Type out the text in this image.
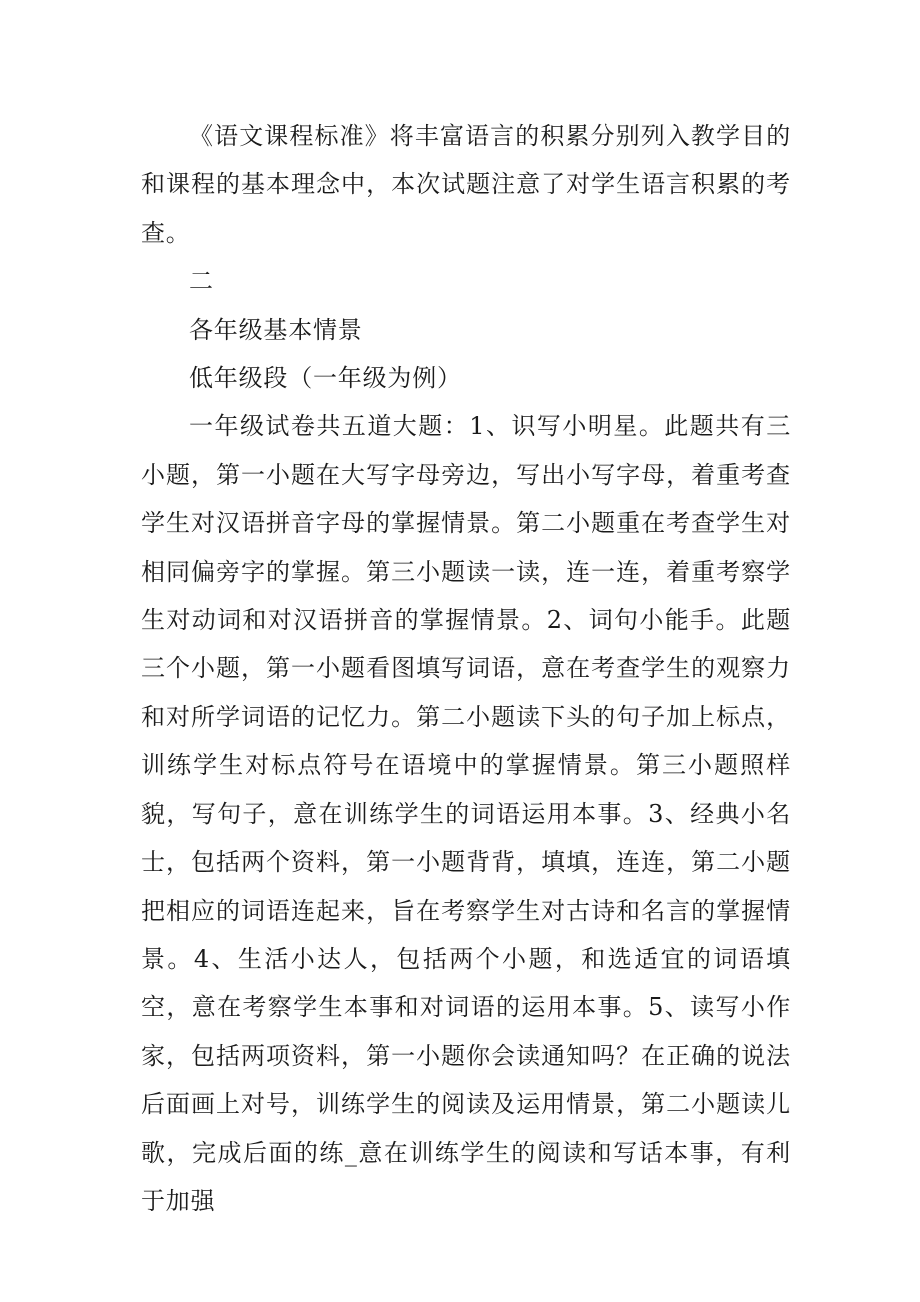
《语文课程标准》将丰富语言的积累分别列入教学目的和课程的基本理念中，本次试题注意了对学生语言积累的考查。

二

各年级基本情景

低年级段（一年级为例）

一年级试卷共五道大题：1、识写小明星。此题共有三小题，第一小题在大写字母旁边，写出小写字母，着重考查学生对汉语拼音字母的掌握情景。第二小题重在考查学生对相同偏旁字的掌握。第三小题读一读，连一连，着重考察学生对动词和对汉语拼音的掌握情景。2、词句小能手。此题三个小题，第一小题看图填写词语，意在考查学生的观察力和对所学词语的记忆力。第二小题读下头的句子加上标点，训练学生对标点符号在语境中的掌握情景。第三小题照样貌，写句子，意在训练学生的词语运用本事。3、经典小名士，包括两个资料，第一小题背背，填填，连连，第二小题把相应的词语连起来，旨在考察学生对古诗和名言的掌握情景。4、生活小达人，包括两个小题，和选适宜的词语填空，意在考察学生本事和对词语的运用本事。5、读写小作家，包括两项资料，第一小题你会读通知吗？在正确的说法后面画上对号，训练学生的阅读及运用情景，第二小题读儿歌，完成后面的练_意在训练学生的阅读和写话本事，有利于加强
